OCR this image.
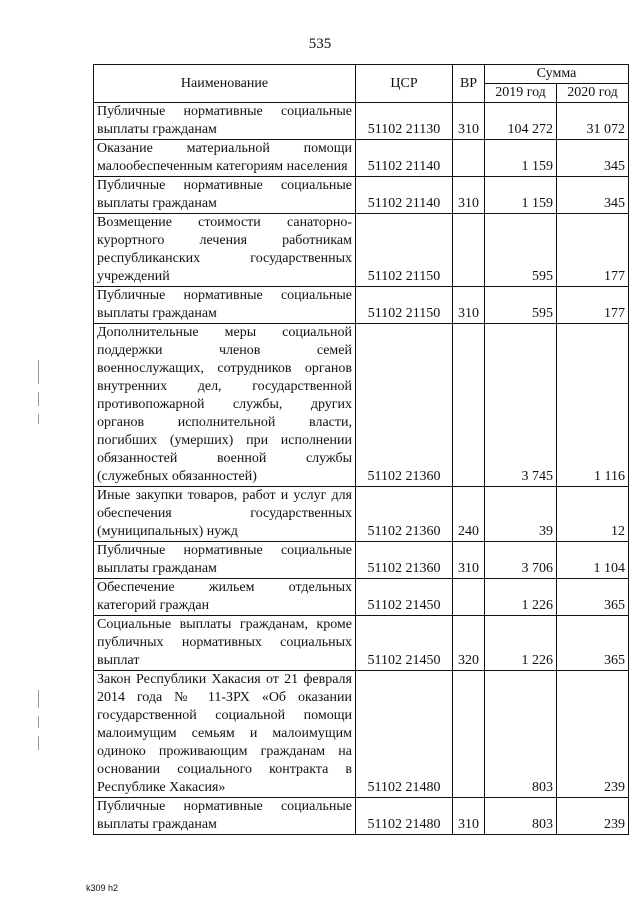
535
Наименование	ЦСР	ВР	Сумма	
			2019 год	2020 год
Публичные нормативные социальные выплаты гражданам	51102 21130	310	104 272	31 072
Оказание материальной помощи малообеспеченным категориям населения	51102 21140		1 159	345
Публичные нормативные социальные выплаты гражданам	51102 21140	310	1 159	345
Возмещение стоимости санаторно-курортного лечения работникам республиканских государственных учреждений	51102 21150		595	177
Публичные нормативные социальные выплаты гражданам	51102 21150	310	595	177
Дополнительные меры социальной поддержки членов семей военнослужащих, сотрудников органов внутренних дел, государственной противопожарной службы, других органов исполнительной власти, погибших (умерших) при исполнении обязанностей военной службы (служебных обязанностей)	51102 21360		3 745	1 116
Иные закупки товаров, работ и услуг для обеспечения государственных (муниципальных) нужд	51102 21360	240	39	12
Публичные нормативные социальные выплаты гражданам	51102 21360	310	3 706	1 104
Обеспечение жильем отдельных категорий граждан	51102 21450		1 226	365
Социальные выплаты гражданам, кроме публичных нормативных социальных выплат	51102 21450	320	1 226	365
Закон Республики Хакасия от 21 февраля 2014 года № 11-ЗРХ «Об оказании государственной социальной помощи малоимущим семьям и малоимущим одиноко проживающим гражданам на основании социального контракта в Республике Хакасия»	51102 21480		803	239
Публичные нормативные социальные выплаты гражданам	51102 21480	310	803	239
k309 h2
